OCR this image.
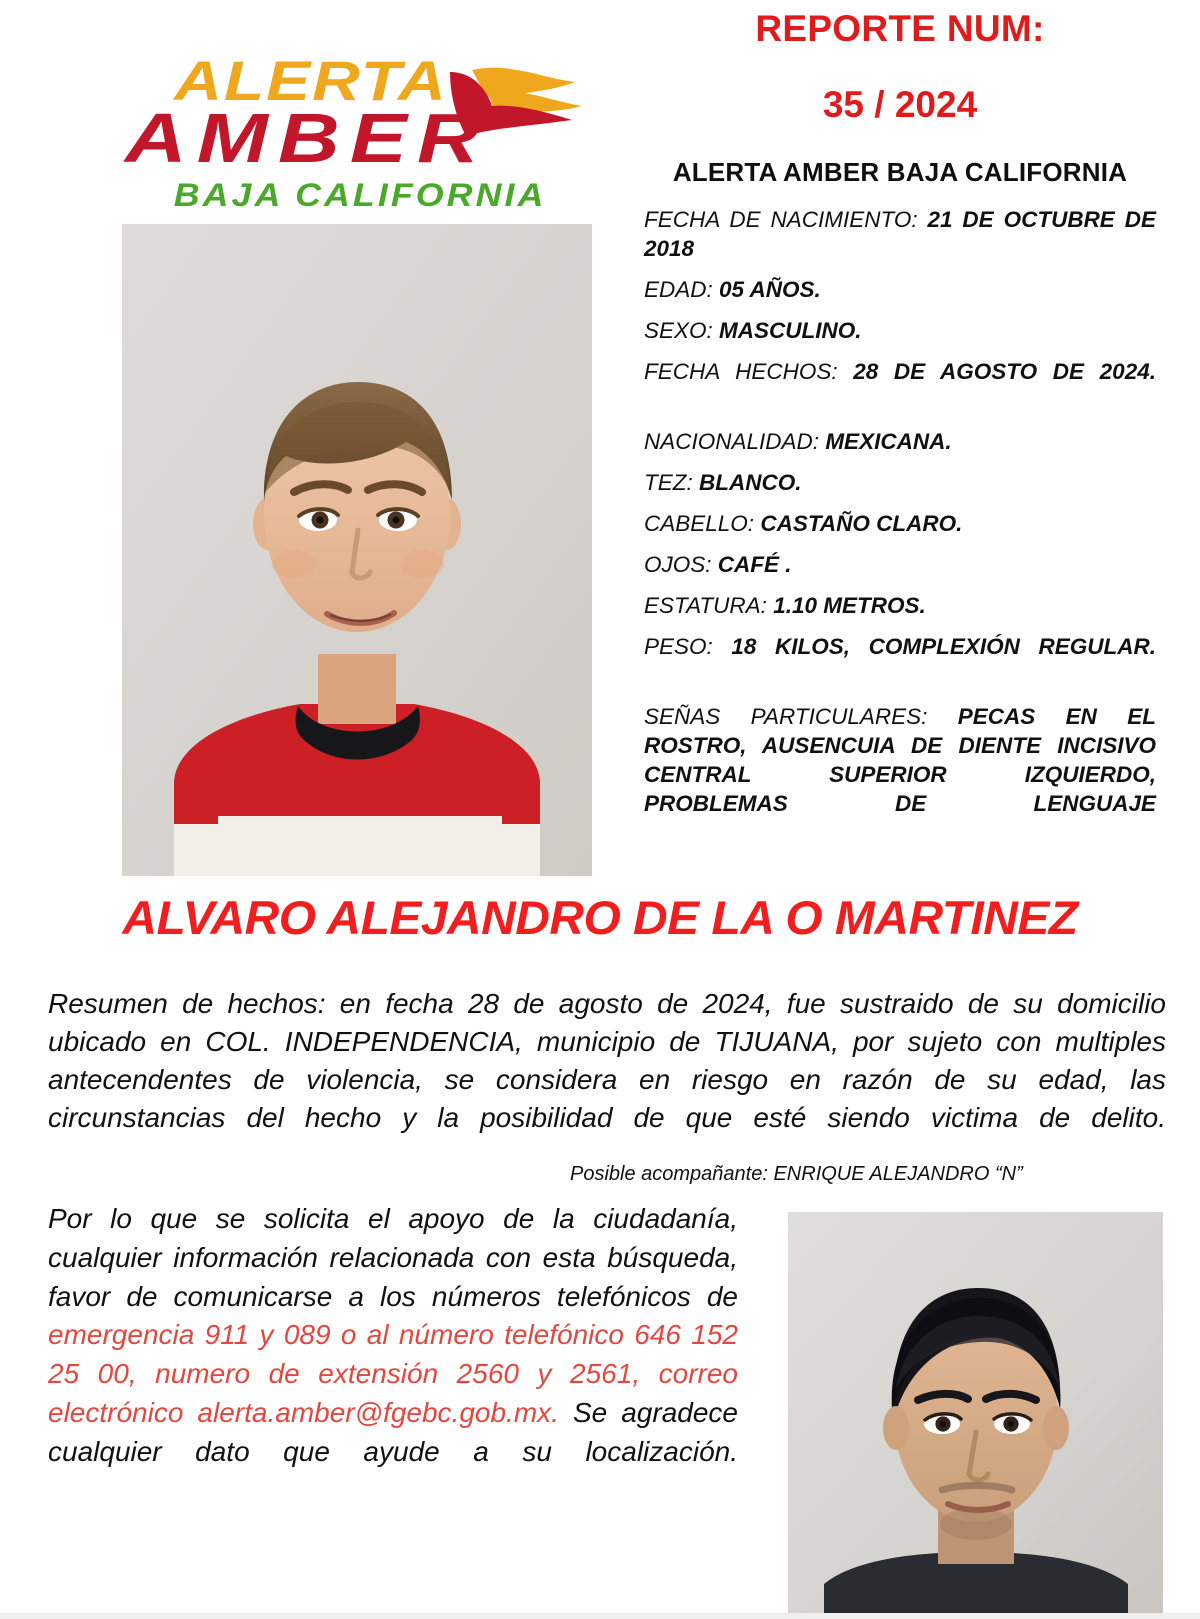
ALERTA
AMBER
BAJA CALIFORNIA
REPORTE NUM:
35 / 2024
ALERTA AMBER BAJA CALIFORNIA
FECHA DE NACIMIENTO: 21 DE OCTUBRE DE 2018
EDAD: 05 AÑOS.
SEXO: MASCULINO.
FECHA HECHOS: 28 DE AGOSTO DE 2024.
NACIONALIDAD: MEXICANA.
TEZ: BLANCO.
CABELLO: CASTAÑO CLARO.
OJOS: CAFÉ .
ESTATURA: 1.10 METROS.
PESO: 18 KILOS, COMPLEXIÓN REGULAR.
SEÑAS PARTICULARES: PECAS EN EL ROSTRO, AUSENCUIA DE DIENTE INCISIVO CENTRAL SUPERIOR IZQUIERDO, PROBLEMAS DE LENGUAJE
ALVARO ALEJANDRO DE LA O MARTINEZ
Resumen de hechos: en fecha 28 de agosto de 2024, fue sustraido de su domicilio ubicado en COL. INDEPENDENCIA, municipio de TIJUANA, por sujeto con multiples antecendentes de violencia, se considera en riesgo en razón de su edad, las circunstancias del hecho y la posibilidad de que esté siendo victima de delito.
Posible acompañante: ENRIQUE ALEJANDRO “N”
Por lo que se solicita el apoyo de la ciudadanía, cualquier información relacionada con esta búsqueda, favor de comunicarse a los números telefónicos de emergencia 911 y 089 o al número telefónico 646 152 25 00, numero de extensión 2560 y 2561, correo electrónico alerta.amber@fgebc.gob.mx. Se agradece cualquier dato que ayude a su localización.
